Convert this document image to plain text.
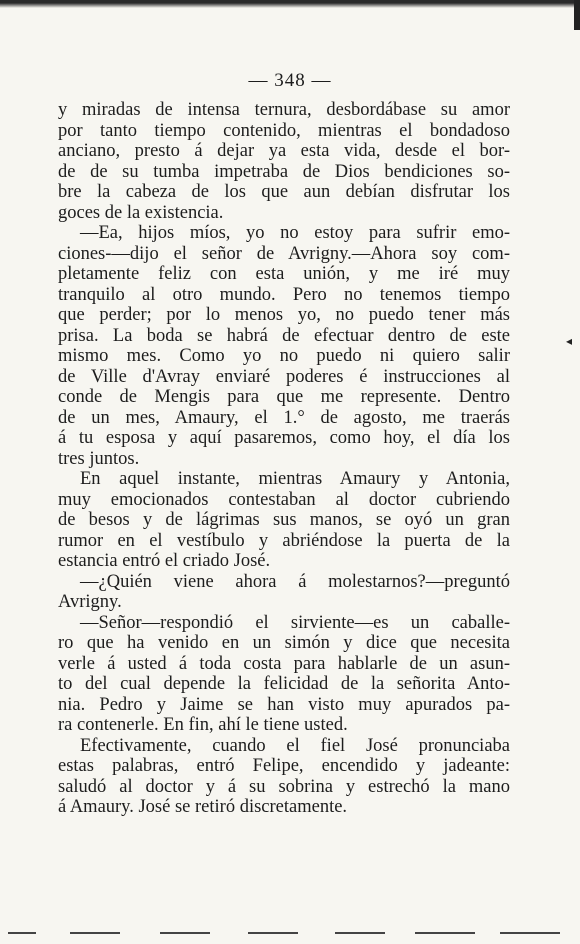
— 348 —
y miradas de intensa ternura, desbordábase su amor
por tanto tiempo contenido, mientras el bondadoso
anciano, presto á dejar ya esta vida, desde el bor-
de de su tumba impetraba de Dios bendiciones so-
bre la cabeza de los que aun debían disfrutar los
goces de la existencia.
—Ea, hijos míos, yo no estoy para sufrir emo-
ciones-—dijo el señor de Avrigny.—Ahora soy com-
pletamente feliz con esta unión, y me iré muy
tranquilo al otro mundo. Pero no tenemos tiempo
que perder; por lo menos yo, no puedo tener más
prisa. La boda se habrá de efectuar dentro de este
mismo mes. Como yo no puedo ni quiero salir
de Ville d'Avray enviaré poderes é instrucciones al
conde de Mengis para que me represente. Dentro
de un mes, Amaury, el 1.° de agosto, me traerás
á tu esposa y aquí pasaremos, como hoy, el día los
tres juntos.
En aquel instante, mientras Amaury y Antonia,
muy emocionados contestaban al doctor cubriendo
de besos y de lágrimas sus manos, se oyó un gran
rumor en el vestíbulo y abriéndose la puerta de la
estancia entró el criado José.
—¿Quién viene ahora á molestarnos?—preguntó
Avrigny.
—Señor—respondió el sirviente—es un caballe-
ro que ha venido en un simón y dice que necesita
verle á usted á toda costa para hablarle de un asun-
to del cual depende la felicidad de la señorita Anto-
nia. Pedro y Jaime se han visto muy apurados pa-
ra contenerle. En fin, ahí le tiene usted.
Efectivamente, cuando el fiel José pronunciaba
estas palabras, entró Felipe, encendido y jadeante:
saludó al doctor y á su sobrina y estrechó la mano
á Amaury. José se retiró discretamente.
◂
